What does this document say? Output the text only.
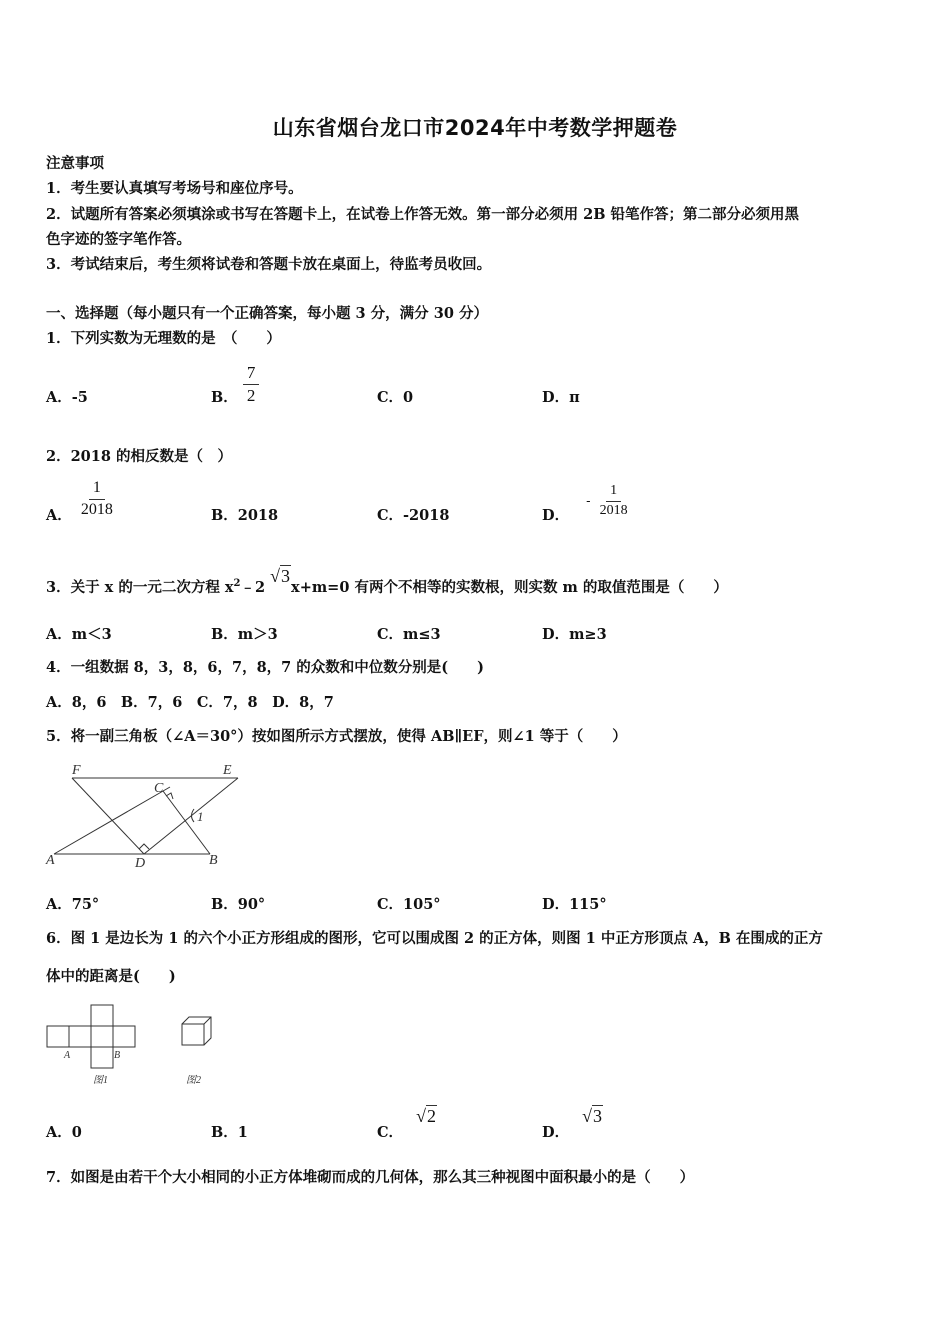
山东省烟台龙口市2024年中考数学押题卷
注意事项
1．考生要认真填写考场号和座位序号。
2．试题所有答案必须填涂或书写在答题卡上，在试卷上作答无效。第一部分必须用 2B 铅笔作答；第二部分必须用黑
色字迹的签字笔作答。
3．考试结束后，考生须将试卷和答题卡放在桌面上，待监考员收回。
一、选择题（每小题只有一个正确答案，每小题 3 分，满分 30 分）
1．下列实数为无理数的是　（　　）
A．-5	B． $\frac{7}{2}$	C．0	D．π
2．2018 的相反数是（　）
A． $\frac{1}{2018}$	B．2018	C．-2018	D． - $\frac{1}{2018}$
3．关于 x 的一元二次方程 $x^2﹣2$ √3x+m=0 有两个不相等的实数根，则实数 m 的取值范围是（　　）
A．m＜3	B．m＞3	C．m≤3	D．m≥3
4．一组数据 8，3，8，6，7，8，7 的众数和中位数分别是(　　)
A．8，6　B．7，6　C．7，8　D．8，7
5．将一副三角板（∠A＝30°）按如图所示方式摆放，使得 AB∥EF，则∠1 等于（　　）
F	E
C
1
A	D	B
A．75°	B．90°	C．105°	D．115°
6．图 1 是边长为 1 的六个小正方形组成的图形，它可以围成图 2 的正方体，则图 1 中正方形顶点 A，B 在围成的正方
体中的距离是(　　)
A	B
图1	图2
A．0	B．1	C． √2
D． √3
7．如图是由若干个大小相同的小正方体堆砌而成的几何体，那么其三种视图中面积最小的是（　　）
